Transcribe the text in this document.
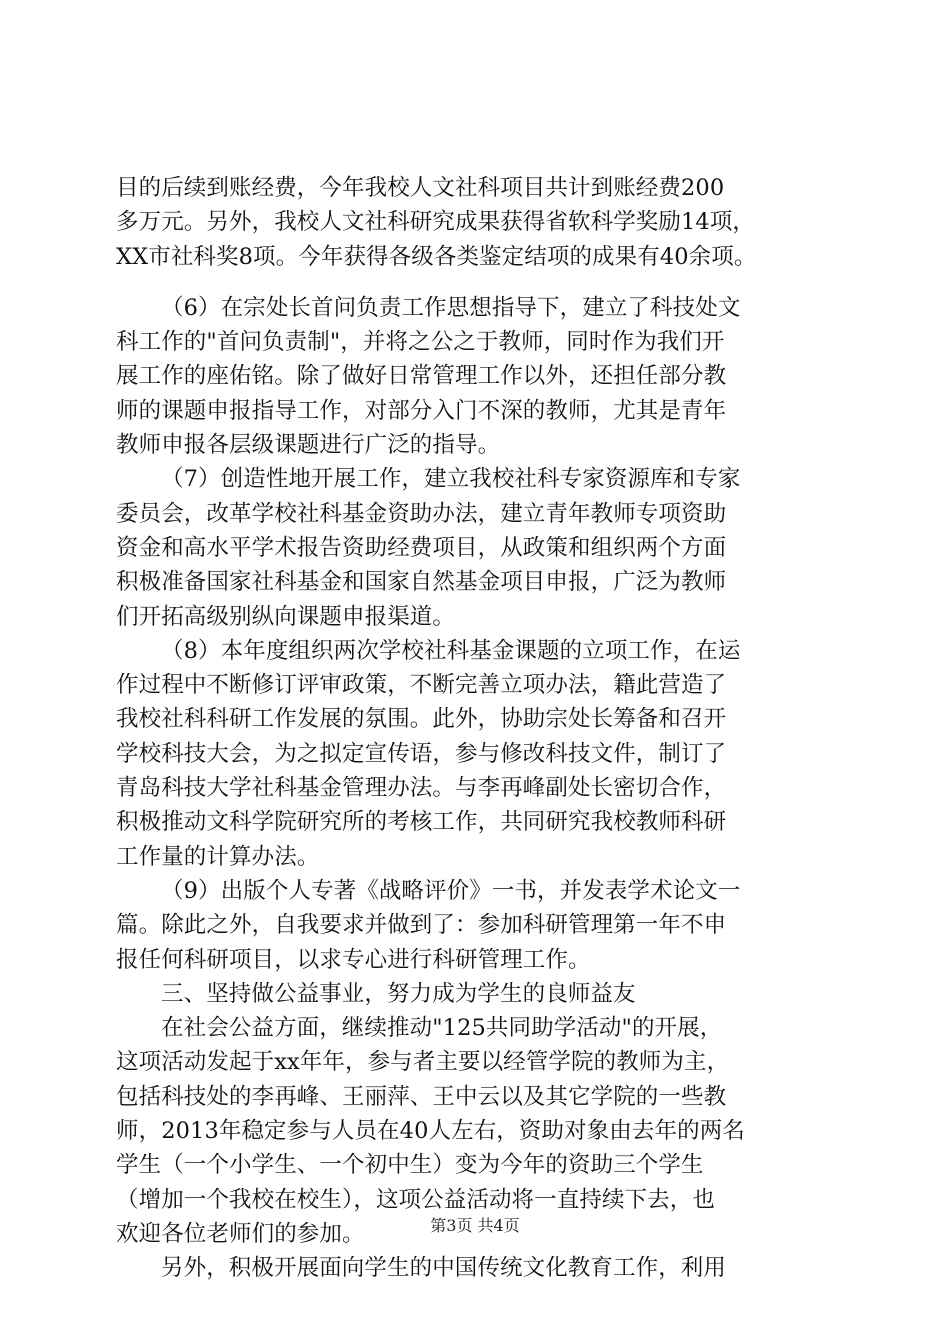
目的后续到账经费，今年我校人文社科项目共计到账经费200
多万元。另外，我校人文社科研究成果获得省软科学奖励14项，
XX市社科奖8项。今年获得各级各类鉴定结项的成果有40余项。

（6）在宗处长首问负责工作思想指导下，建立了科技处文
科工作的"首问负责制"，并将之公之于教师，同时作为我们开
展工作的座佑铭。除了做好日常管理工作以外，还担任部分教
师的课题申报指导工作，对部分入门不深的教师，尤其是青年
教师申报各层级课题进行广泛的指导。

（7）创造性地开展工作，建立我校社科专家资源库和专家
委员会，改革学校社科基金资助办法，建立青年教师专项资助
资金和高水平学术报告资助经费项目，从政策和组织两个方面
积极准备国家社科基金和国家自然基金项目申报，广泛为教师
们开拓高级别纵向课题申报渠道。

（8）本年度组织两次学校社科基金课题的立项工作，在运
作过程中不断修订评审政策，不断完善立项办法，籍此营造了
我校社科科研工作发展的氛围。此外，协助宗处长筹备和召开
学校科技大会，为之拟定宣传语，参与修改科技文件，制订了
青岛科技大学社科基金管理办法。与李再峰副处长密切合作，
积极推动文科学院研究所的考核工作，共同研究我校教师科研
工作量的计算办法。

（9）出版个人专著《战略评价》一书，并发表学术论文一
篇。除此之外，自我要求并做到了：参加科研管理第一年不申
报任何科研项目，以求专心进行科研管理工作。

三、坚持做公益事业，努力成为学生的良师益友

在社会公益方面，继续推动"125共同助学活动"的开展，
这项活动发起于xx年年，参与者主要以经管学院的教师为主，
包括科技处的李再峰、王丽萍、王中云以及其它学院的一些教
师，2013年稳定参与人员在40人左右，资助对象由去年的两名
学生（一个小学生、一个初中生）变为今年的资助三个学生
（增加一个我校在校生），这项公益活动将一直持续下去，也
欢迎各位老师们的参加。

另外，积极开展面向学生的中国传统文化教育工作，利用

第3页 共4页
